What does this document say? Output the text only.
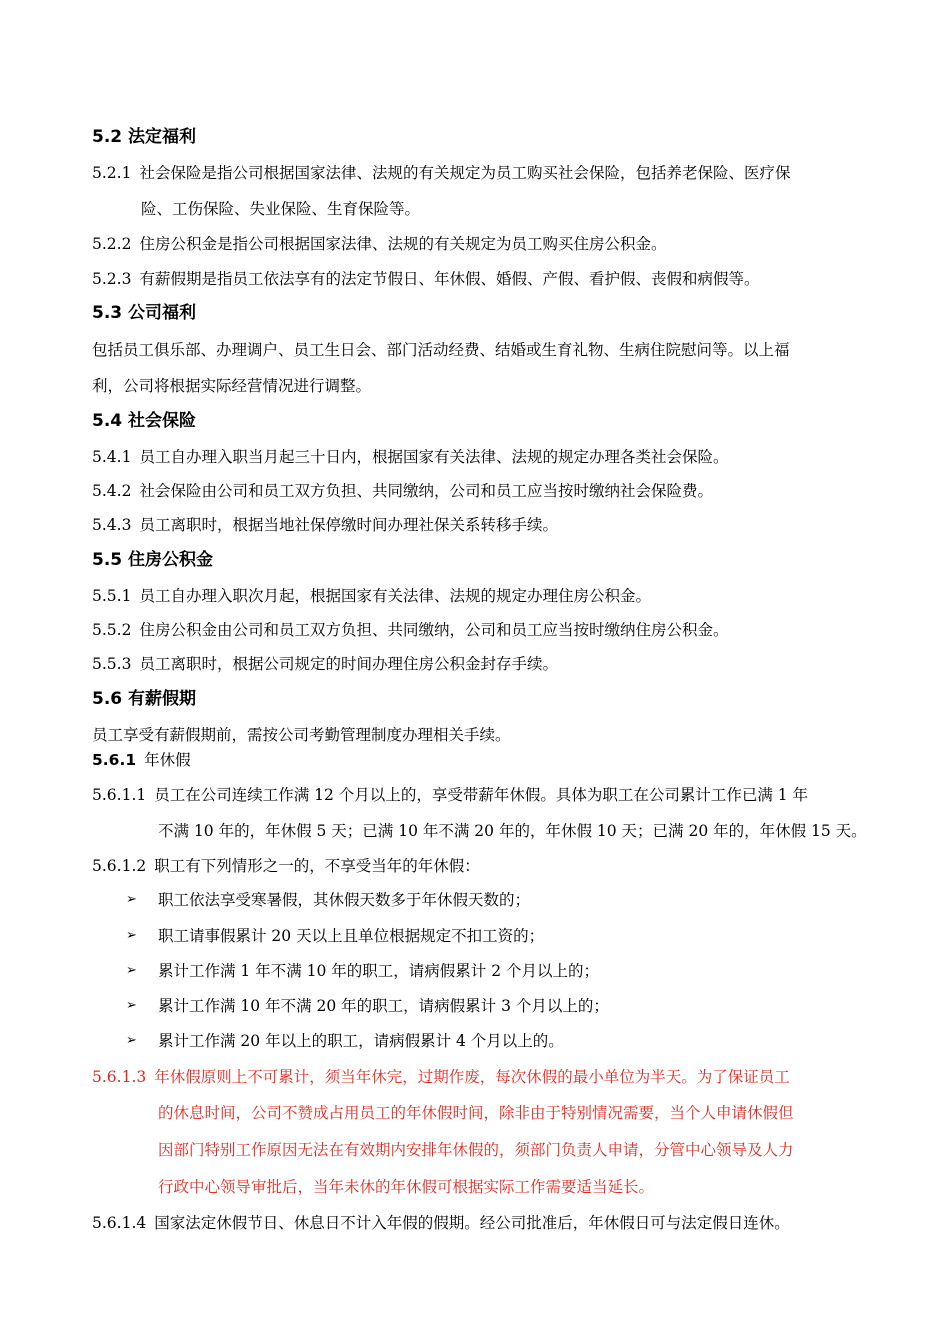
5.2 法定福利
5.2.1 社会保险是指公司根据国家法律、法规的有关规定为员工购买社会保险，包括养老保险、医疗保
险、工伤保险、失业保险、生育保险等。
5.2.2 住房公积金是指公司根据国家法律、法规的有关规定为员工购买住房公积金。
5.2.3 有薪假期是指员工依法享有的法定节假日、年休假、婚假、产假、看护假、丧假和病假等。
5.3 公司福利
包括员工俱乐部、办理调户、员工生日会、部门活动经费、结婚或生育礼物、生病住院慰问等。以上福
利，公司将根据实际经营情况进行调整。
5.4 社会保险
5.4.1 员工自办理入职当月起三十日内，根据国家有关法律、法规的规定办理各类社会保险。
5.4.2 社会保险由公司和员工双方负担、共同缴纳，公司和员工应当按时缴纳社会保险费。
5.4.3 员工离职时，根据当地社保停缴时间办理社保关系转移手续。
5.5 住房公积金
5.5.1 员工自办理入职次月起，根据国家有关法律、法规的规定办理住房公积金。
5.5.2 住房公积金由公司和员工双方负担、共同缴纳，公司和员工应当按时缴纳住房公积金。
5.5.3 员工离职时，根据公司规定的时间办理住房公积金封存手续。
5.6 有薪假期
员工享受有薪假期前，需按公司考勤管理制度办理相关手续。
5.6.1 年休假
5.6.1.1 员工在公司连续工作满 12 个月以上的，享受带薪年休假。具体为职工在公司累计工作已满 1 年
不满 10 年的，年休假 5 天；已满 10 年不满 20 年的，年休假 10 天；已满 20 年的，年休假 15 天。
5.6.1.2 职工有下列情形之一的，不享受当年的年休假：
➢ 职工依法享受寒暑假，其休假天数多于年休假天数的；
➢ 职工请事假累计 20 天以上且单位根据规定不扣工资的；
➢ 累计工作满 1 年不满 10 年的职工，请病假累计 2 个月以上的；
➢ 累计工作满 10 年不满 20 年的职工，请病假累计 3 个月以上的；
➢ 累计工作满 20 年以上的职工，请病假累计 4 个月以上的。
5.6.1.3 年休假原则上不可累计，须当年休完，过期作废，每次休假的最小单位为半天。为了保证员工
的休息时间，公司不赞成占用员工的年休假时间，除非由于特别情况需要，当个人申请休假但
因部门特别工作原因无法在有效期内安排年休假的，须部门负责人申请，分管中心领导及人力
行政中心领导审批后，当年未休的年休假可根据实际工作需要适当延长。
5.6.1.4 国家法定休假节日、休息日不计入年假的假期。经公司批准后，年休假日可与法定假日连休。
